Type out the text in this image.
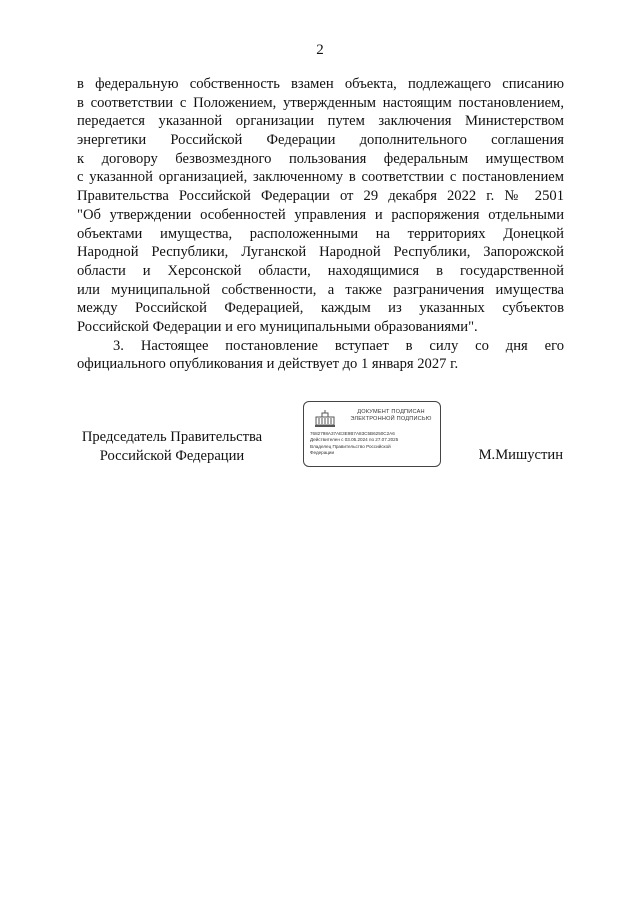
2
в федеральную собственность взамен объекта, подлежащего списанию
в соответствии с Положением, утвержденным настоящим постановлением,
передается указанной организации путем заключения Министерством
энергетики Российской Федерации дополнительного соглашения
к договору безвозмездного пользования федеральным имуществом
с указанной организацией, заключенному в соответствии с постановлением
Правительства Российской Федерации от 29 декабря 2022 г. № 2501
"Об утверждении особенностей управления и распоряжения отдельными
объектами имущества, расположенными на территориях Донецкой
Народной Республики, Луганской Народной Республики, Запорожской
области и Херсонской области, находящимися в государственной
или муниципальной собственности, а также разграничения имущества
между Российской Федерацией, каждым из указанных субъектов
Российской Федерации и его муниципальными образованиями".
3. Настоящее постановление вступает в силу со дня его
официального опубликования и действует до 1 января 2027 г.
Председатель Правительства
Российской Федерации
ДОКУМЕНТ ПОДПИСАН
ЭЛЕКТРОННОЙ ПОДПИСЬЮ
7682798A37AE3E9B7A83C5B6250C2A6
Действителен с 03.05.2024 по 27.07.2025
Владелец Правительство Российской
Федерации	М.Мишустин
